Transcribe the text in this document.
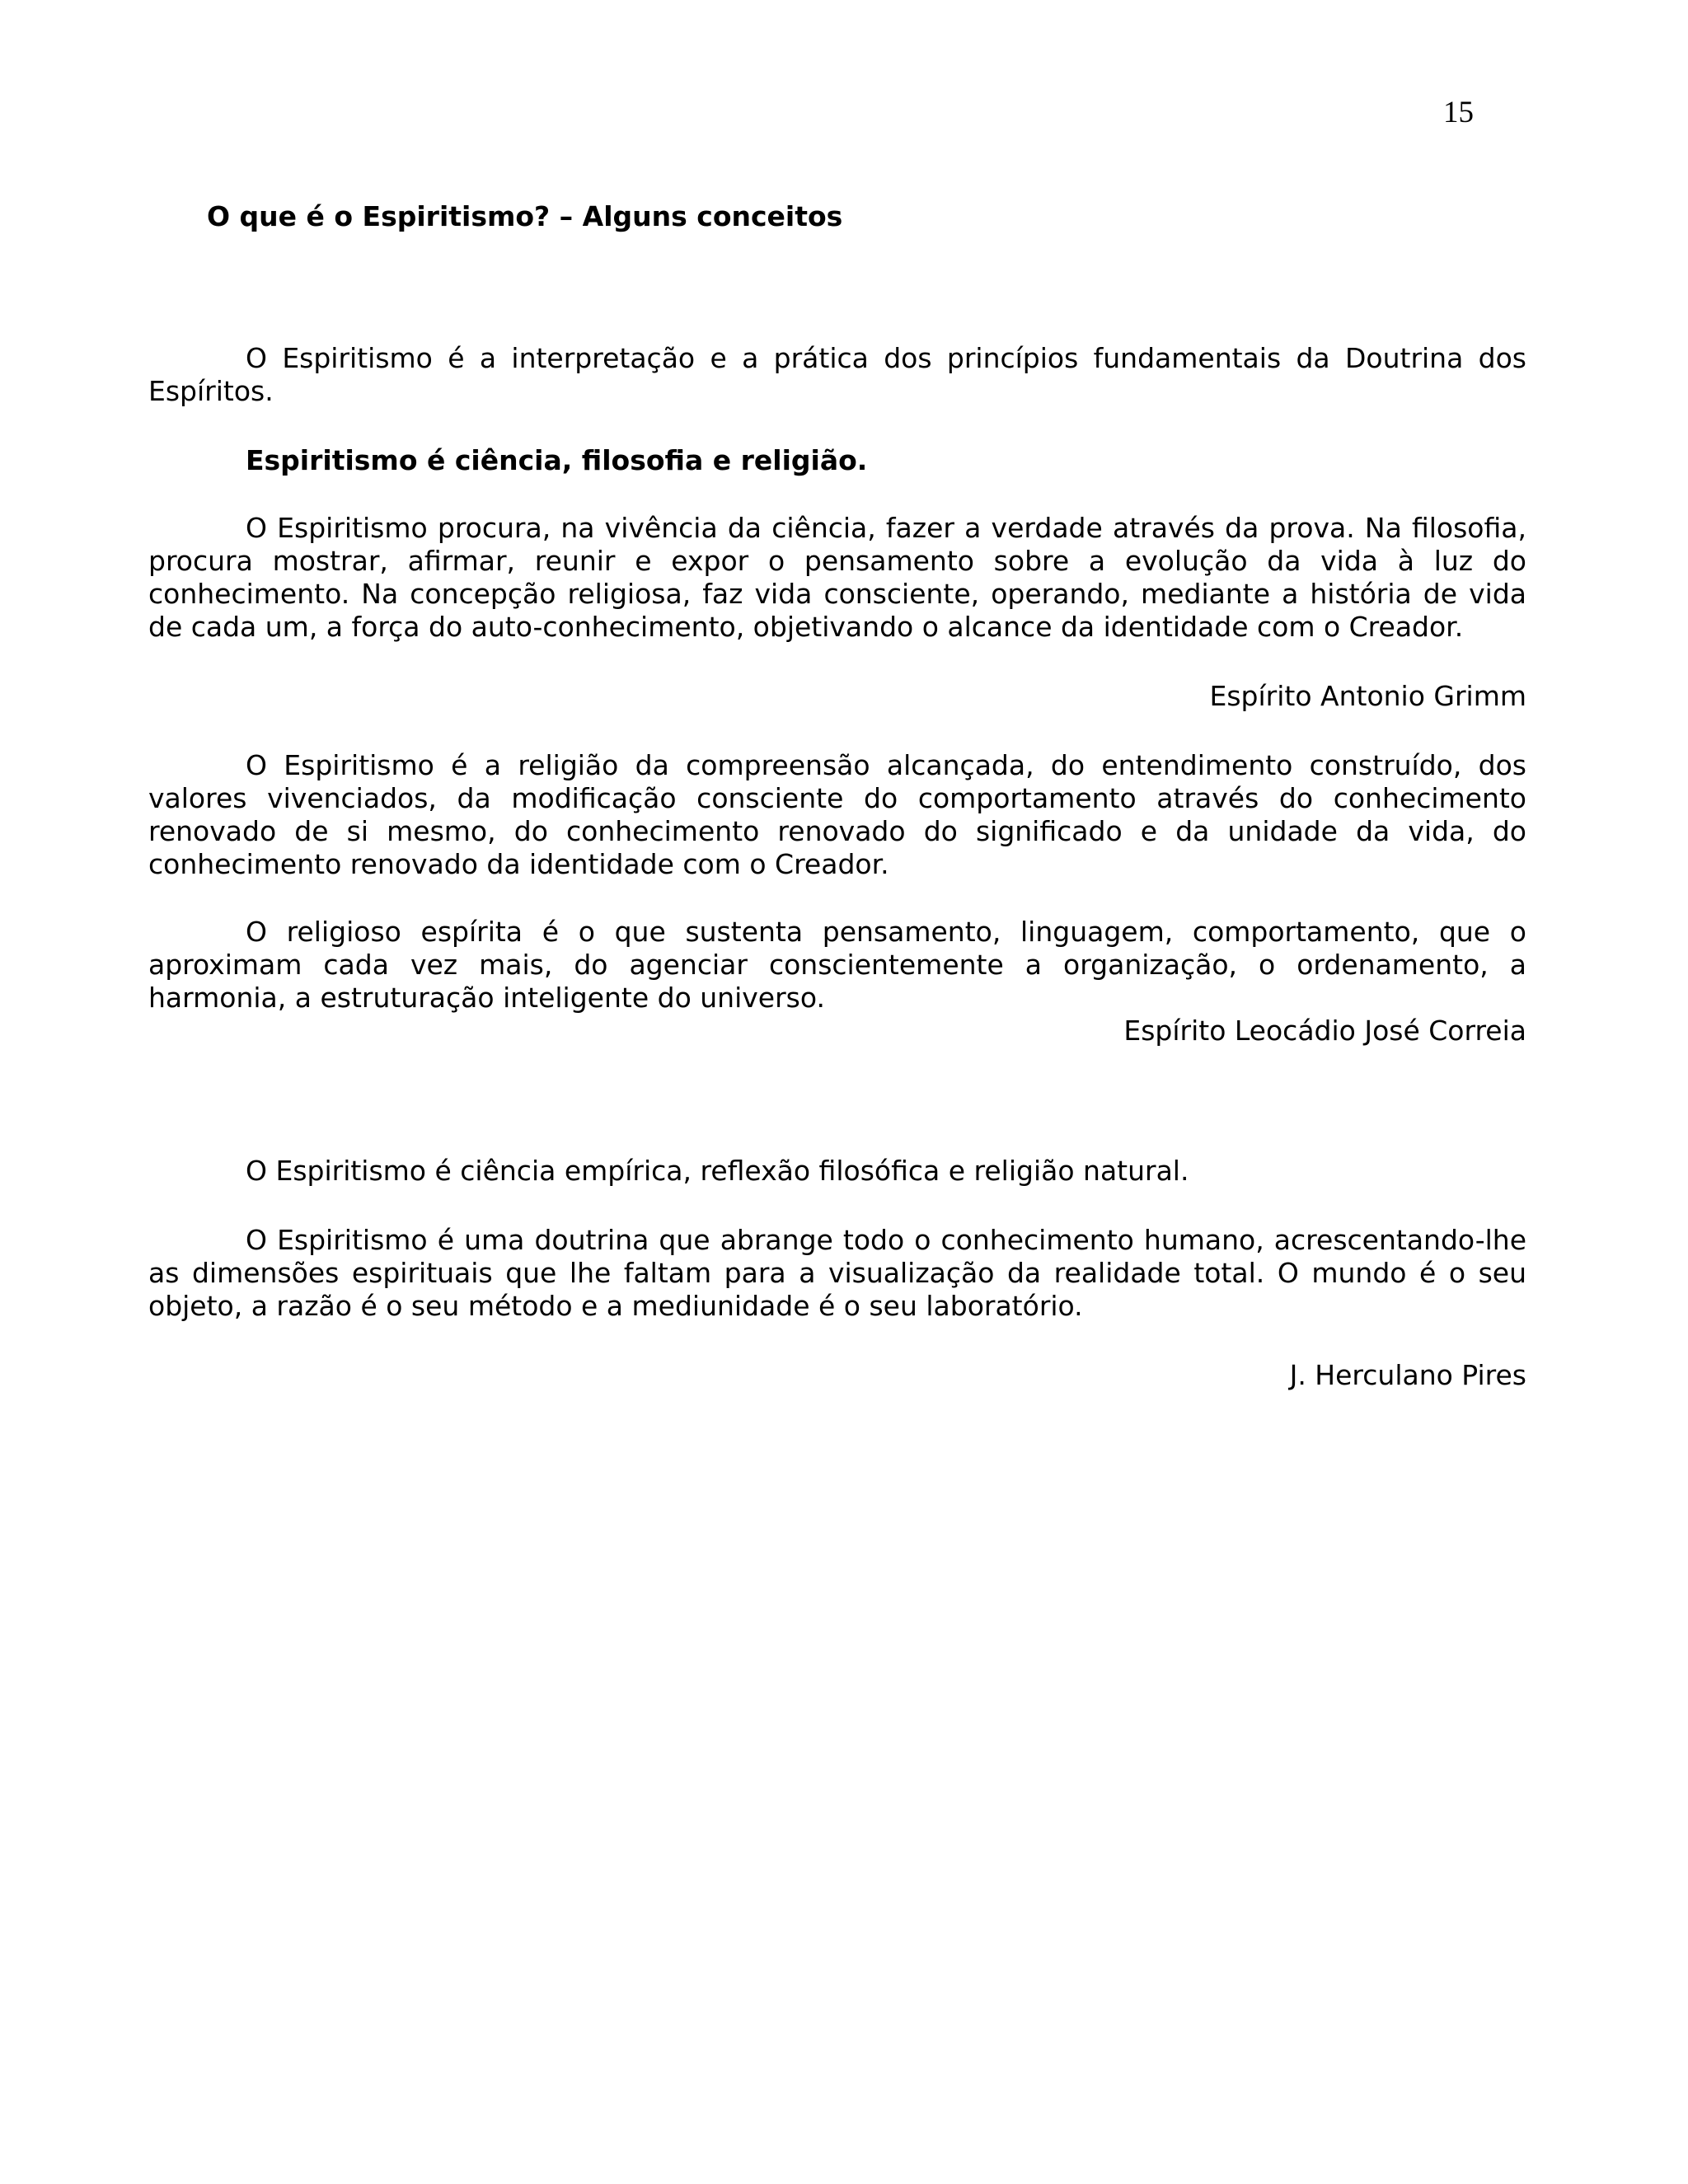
15
O que é o Espiritismo? – Alguns conceitos

O Espiritismo é a interpretação e a prática dos princípios fundamentais da Doutrina dos Espíritos.

Espiritismo é ciência, filosofia e religião.

O Espiritismo procura, na vivência da ciência, fazer a verdade através da prova. Na filosofia, procura mostrar, afirmar, reunir e expor o pensamento sobre a evolução da vida à luz do conhecimento. Na concepção religiosa, faz vida consciente, operando, mediante a história de vida de cada um, a força do auto-conhecimento, objetivando o alcance da identidade com o Creador.

Espírito Antonio Grimm

O Espiritismo é a religião da compreensão alcançada, do entendimento construído, dos valores vivenciados, da modificação consciente do comportamento através do conhecimento renovado de si mesmo, do conhecimento renovado do significado e da unidade da vida, do conhecimento renovado da identidade com o Creador.

O religioso espírita é o que sustenta pensamento, linguagem, comportamento, que o aproximam cada vez mais, do agenciar conscientemente a organização, o ordenamento, a harmonia, a estruturação inteligente do universo.

Espírito Leocádio José Correia

O Espiritismo é ciência empírica, reflexão filosófica e religião natural.

O Espiritismo é uma doutrina que abrange todo o conhecimento humano, acrescentando-lhe as dimensões espirituais que lhe faltam para a visualização da realidade total. O mundo é o seu objeto, a razão é o seu método e a mediunidade é o seu laboratório.

J. Herculano Pires
